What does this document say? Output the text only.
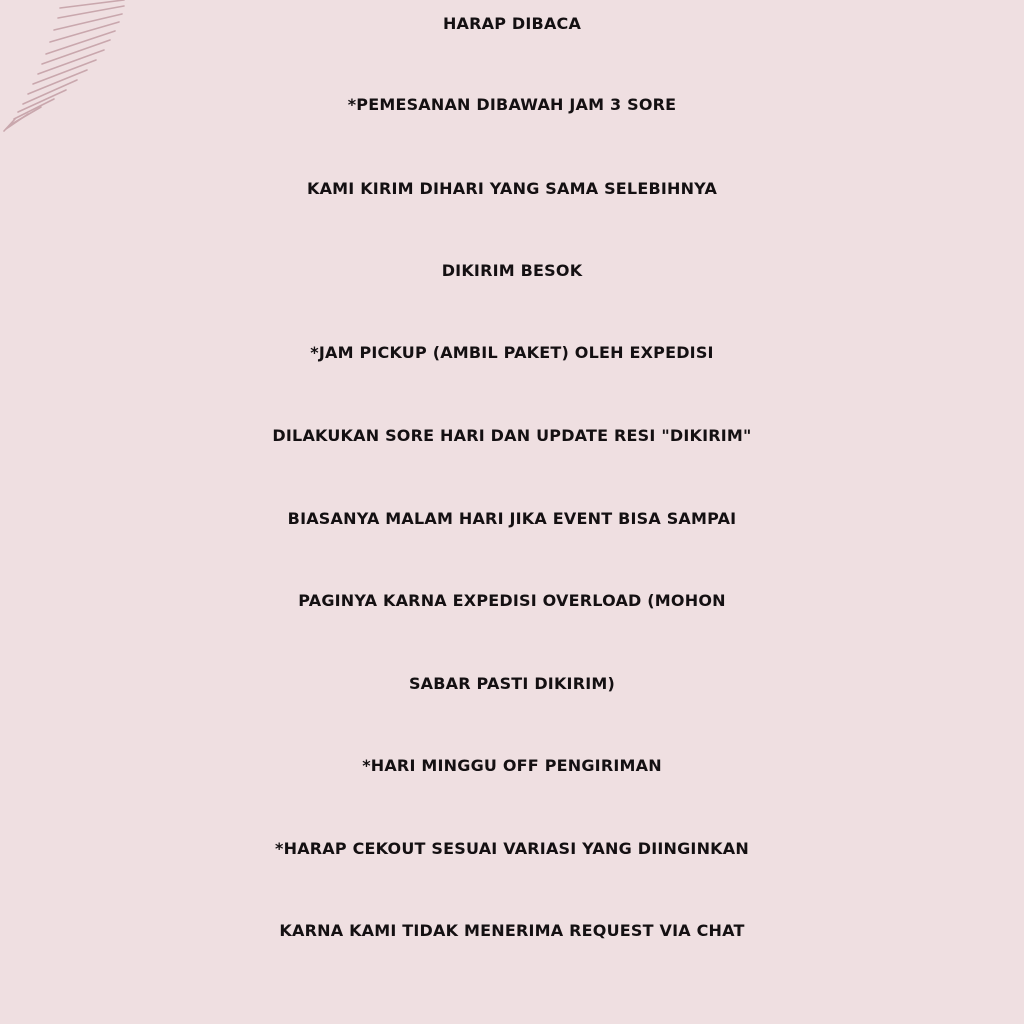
HARAP DIBACA
*PEMESANAN DIBAWAH JAM 3 SORE
KAMI KIRIM DIHARI YANG SAMA SELEBIHNYA
DIKIRIM BESOK
*JAM PICKUP (AMBIL PAKET) OLEH EXPEDISI
DILAKUKAN SORE HARI DAN UPDATE RESI "DIKIRIM"
BIASANYA MALAM HARI JIKA EVENT BISA SAMPAI
PAGINYA KARNA EXPEDISI OVERLOAD (MOHON
SABAR PASTI DIKIRIM)
*HARI MINGGU OFF PENGIRIMAN
*HARAP CEKOUT SESUAI VARIASI YANG DIINGINKAN
KARNA KAMI TIDAK MENERIMA REQUEST VIA CHAT
